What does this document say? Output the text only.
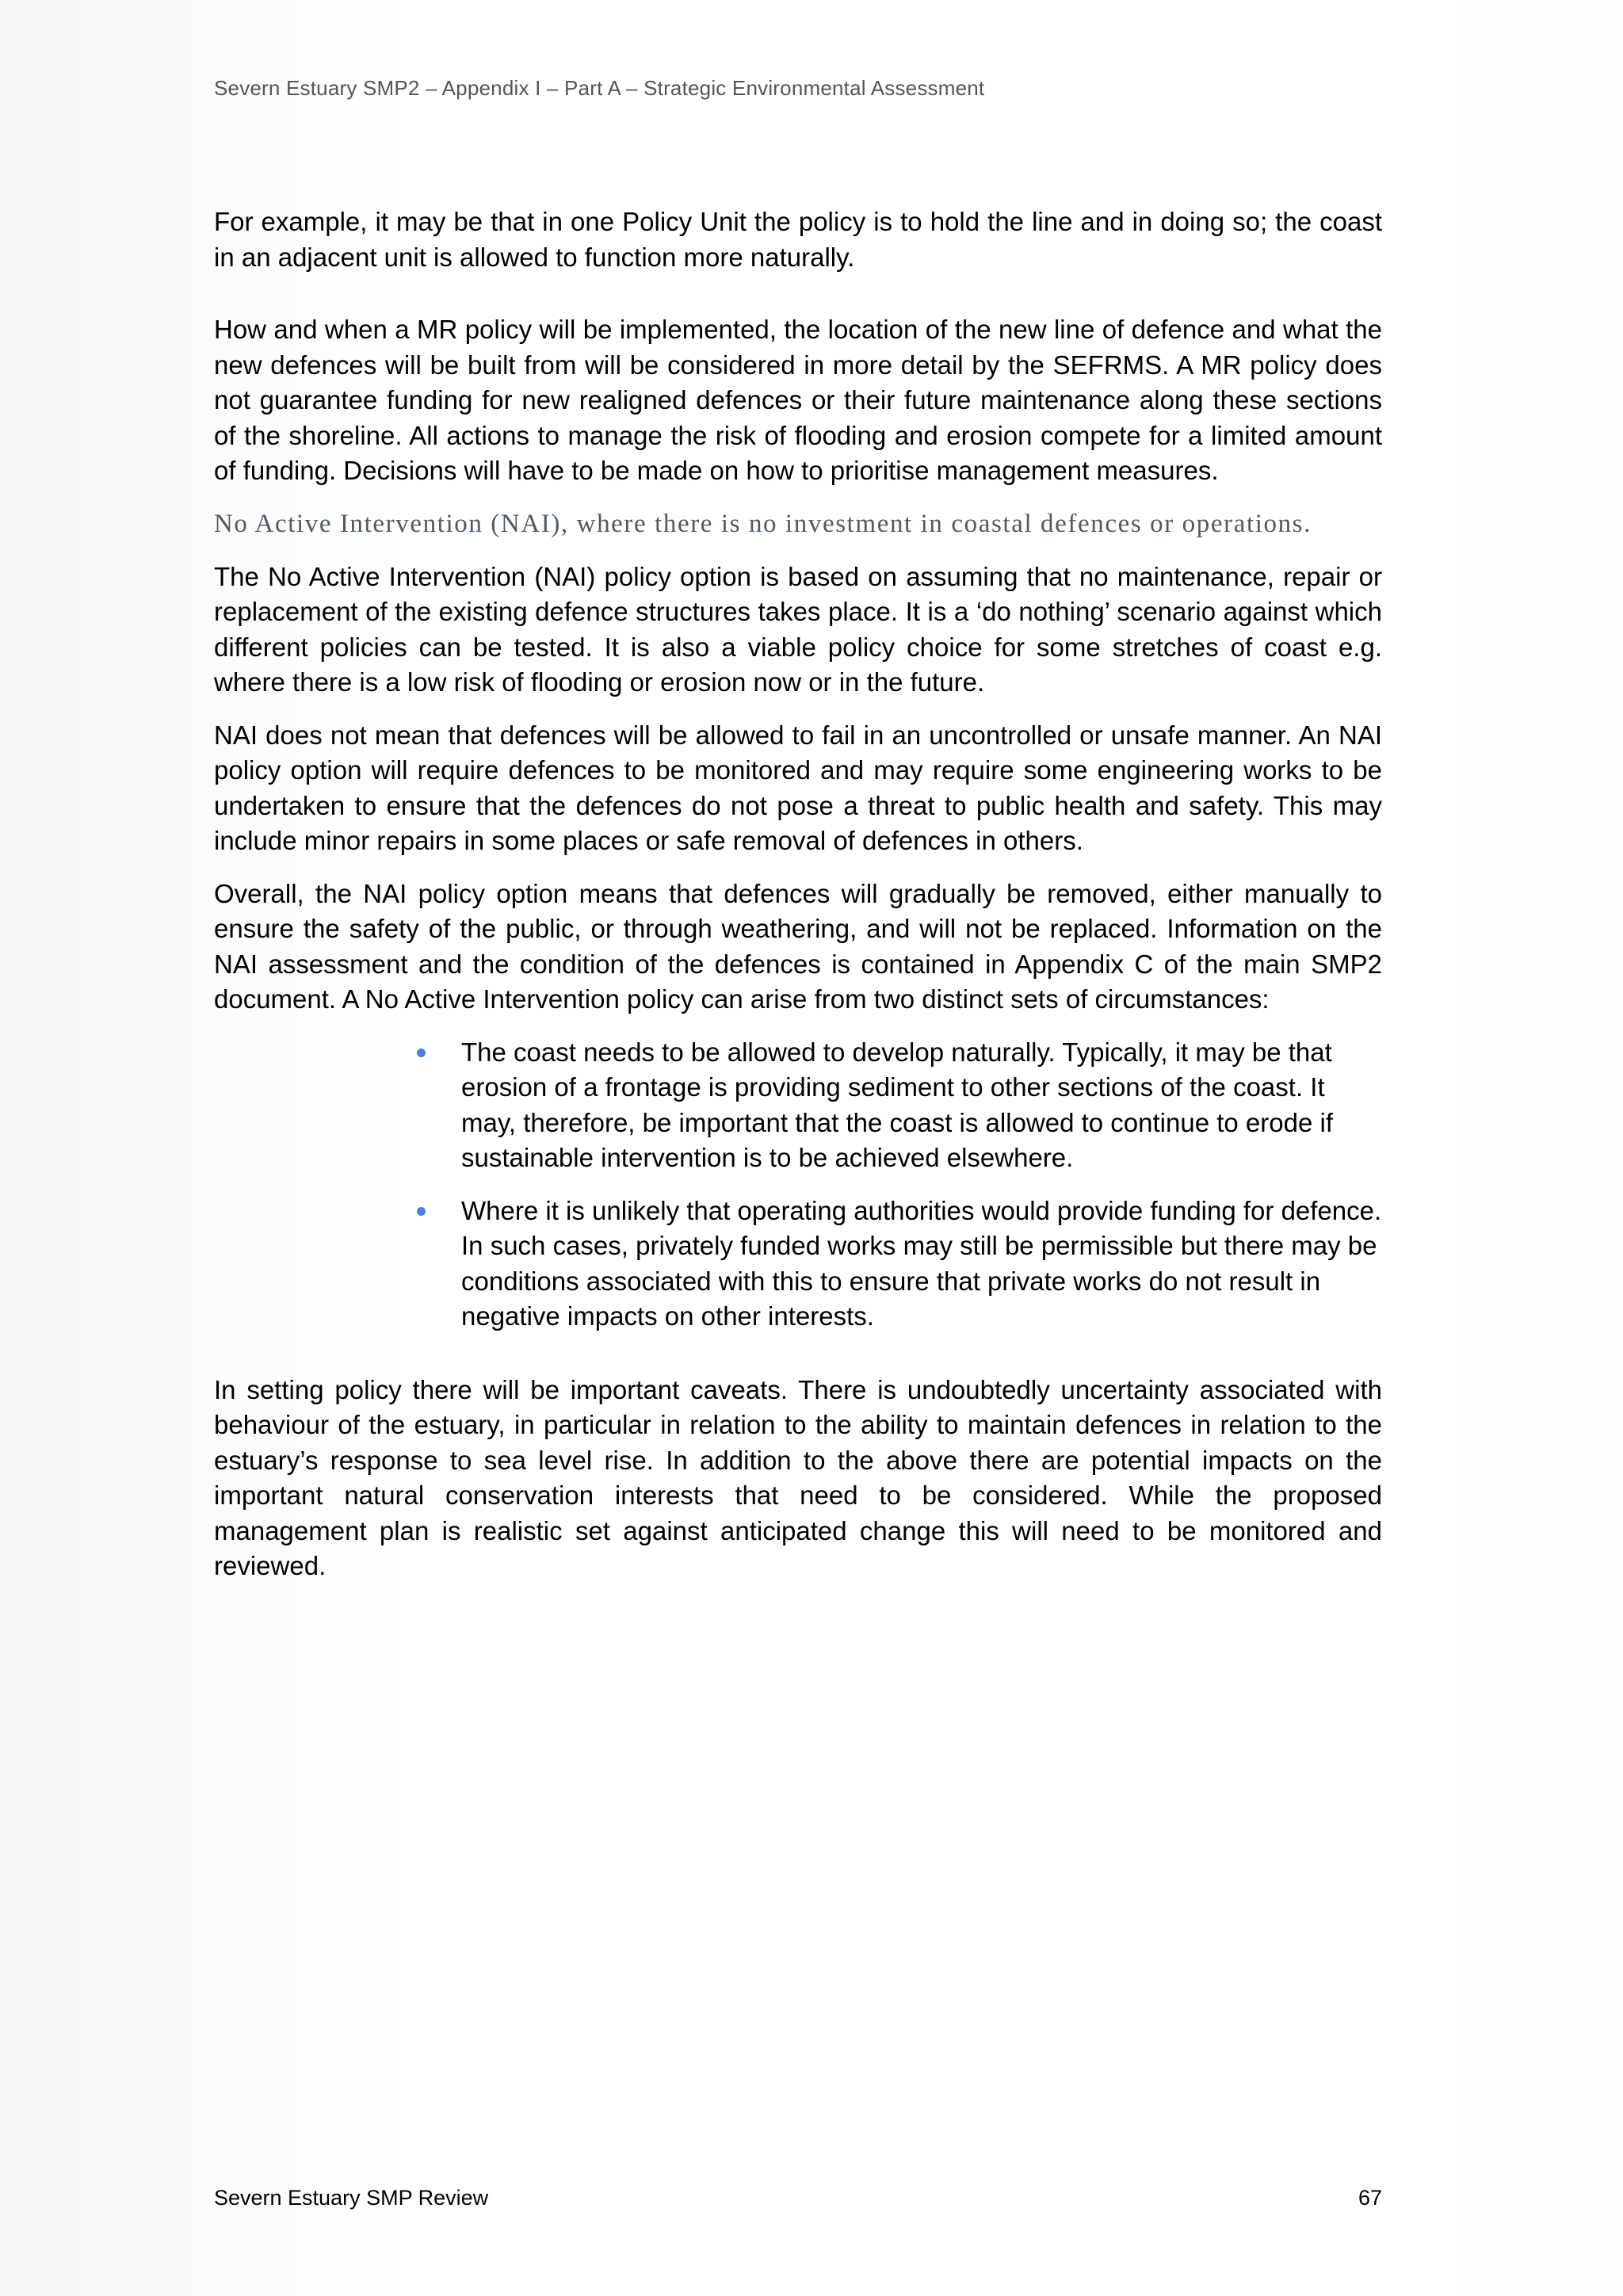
Severn Estuary SMP2 – Appendix I – Part A – Strategic Environmental Assessment

For example, it may be that in one Policy Unit the policy is to hold the line and in doing so; the coast in an adjacent unit is allowed to function more naturally.

How and when a MR policy will be implemented, the location of the new line of defence and what the new defences will be built from will be considered in more detail by the SEFRMS. A MR policy does not guarantee funding for new realigned defences or their future maintenance along these sections of the shoreline. All actions to manage the risk of flooding and erosion compete for a limited amount of funding. Decisions will have to be made on how to prioritise management measures.

No Active Intervention (NAI), where there is no investment in coastal defences or operations.

The No Active Intervention (NAI) policy option is based on assuming that no maintenance, repair or replacement of the existing defence structures takes place. It is a ‘do nothing’ scenario against which different policies can be tested. It is also a viable policy choice for some stretches of coast e.g. where there is a low risk of flooding or erosion now or in the future.

NAI does not mean that defences will be allowed to fail in an uncontrolled or unsafe manner. An NAI policy option will require defences to be monitored and may require some engineering works to be undertaken to ensure that the defences do not pose a threat to public health and safety. This may include minor repairs in some places or safe removal of defences in others.

Overall, the NAI policy option means that defences will gradually be removed, either manually to ensure the safety of the public, or through weathering, and will not be replaced. Information on the NAI assessment and the condition of the defences is contained in Appendix C of the main SMP2 document. A No Active Intervention policy can arise from two distinct sets of circumstances:

The coast needs to be allowed to develop naturally. Typically, it may be that erosion of a frontage is providing sediment to other sections of the coast. It may, therefore, be important that the coast is allowed to continue to erode if sustainable intervention is to be achieved elsewhere.
Where it is unlikely that operating authorities would provide funding for defence. In such cases, privately funded works may still be permissible but there may be conditions associated with this to ensure that private works do not result in negative impacts on other interests.

In setting policy there will be important caveats. There is undoubtedly uncertainty associated with behaviour of the estuary, in particular in relation to the ability to maintain defences in relation to the estuary’s response to sea level rise. In addition to the above there are potential impacts on the important natural conservation interests that need to be considered. While the proposed management plan is realistic set against anticipated change this will need to be monitored and reviewed.

Severn Estuary SMP Review	67
